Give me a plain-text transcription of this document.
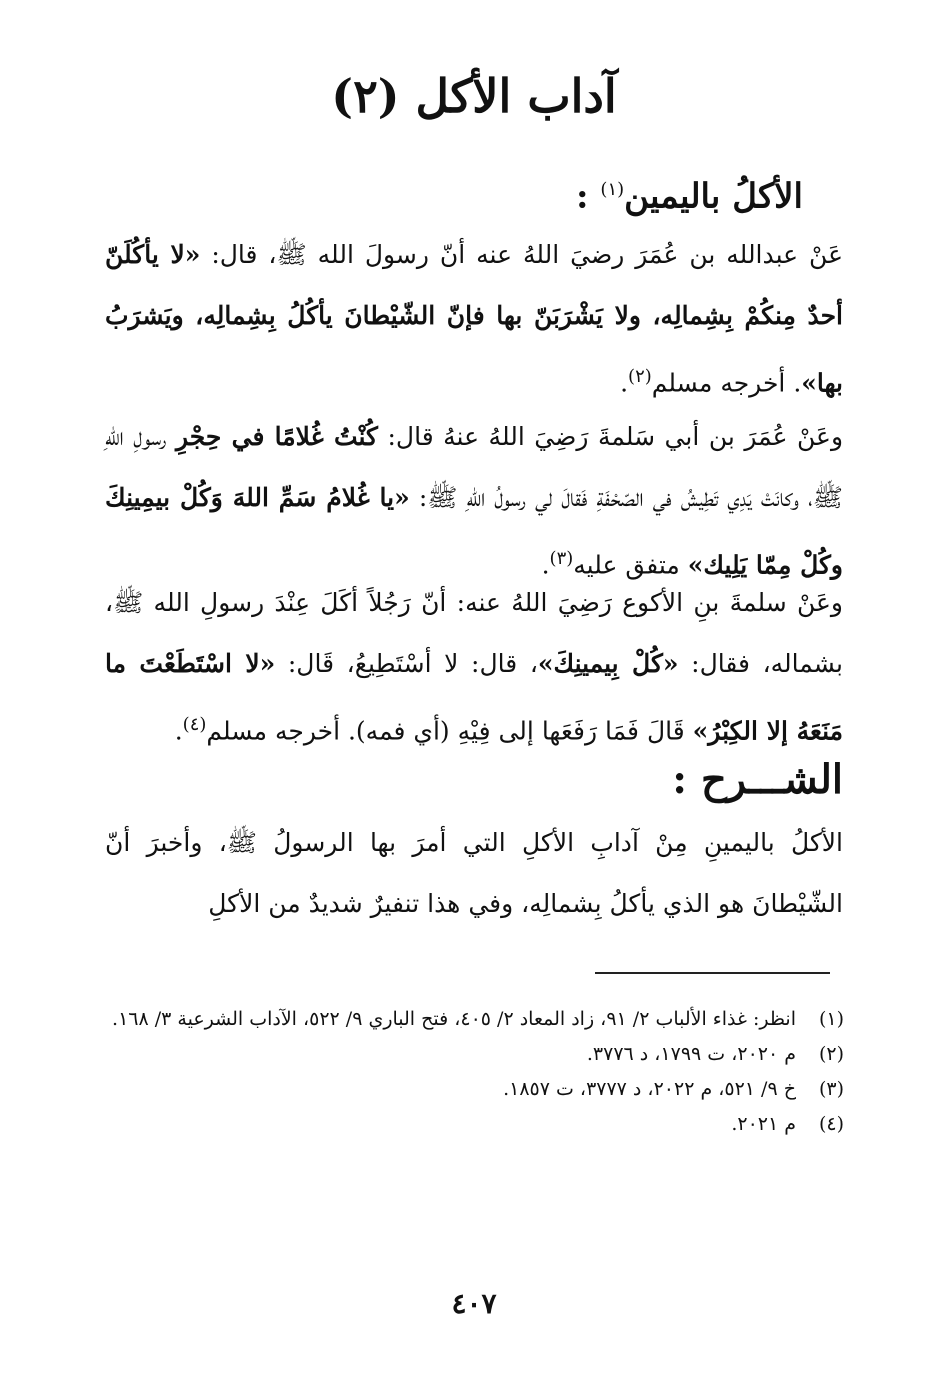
آداب الأكل (٢)
الأكلُ باليمين$^{(١)}$ :
عَنْ عبدالله بن عُمَرَ رضيَ اللهُ عنه أنّ رسولَ الله ﷺ، قال: «لا يأكُلَنّ أحدٌ مِنكُمْ بِشِمالِه، ولا يَشْرَبَنّ بها فإنّ الشّيْطانَ يأكُلُ بِشِمالِه، ويَشرَبُ بها». أخرجه مسلم$^{(٢)}$.
وعَنْ عُمَرَ بن أبي سَلمةَ رَضِيَ اللهُ عنهُ قال: كُنْتُ غُلامًا في حِجْرِ رسولِ اللهِ ﷺ، وكانَتْ يَدِي تَطِيشُ في الصّحْفَةِ فَقالَ لي رسولُ اللهِ ﷺ: «يا غُلامُ سَمِّ اللهَ وَكُلْ بيمِينِكَ وكُلْ مِمّا يَلِيك» متفق عليه$^{(٣)}$.
وعَنْ سلمةَ بنِ الأكوع رَضِيَ اللهُ عنه: أنّ رَجُلاً أكَلَ عِنْدَ رسولِ الله ﷺ، بشماله، فقال: «كُلْ بِيمينِكَ»، قال: لا أسْتَطِيعُ، قَال: «لا اسْتَطَعْتَ ما مَنَعَهُ إلا الكِبْرُ» قَالَ فَمَا رَفَعَها إلى فِيْهِ (أي فمه). أخرجه مسلم$^{(٤)}$.
الشـــرح :
الأكلُ باليمينِ مِنْ آدابِ الأكلِ التي أمرَ بها الرسولُ ﷺ، وأخبرَ أنّ الشّيْطانَ هو الذي يأكلُ بِشمالِه، وفي هذا تنفيرٌ شديدٌ من الأكلِ
(١)
انظر: غذاء الألباب ٢/ ٩١، زاد المعاد ٢/ ٤٠٥، فتح الباري ٩/ ٥٢٢، الآداب الشرعية ٣/ ١٦٨.
(٢)
م ٢٠٢٠، ت ١٧٩٩، د ٣٧٧٦.
(٣)
خ ٩/ ٥٢١، م ٢٠٢٢، د ٣٧٧٧، ت ١٨٥٧.
(٤)
م ٢٠٢١.
٤٠٧
